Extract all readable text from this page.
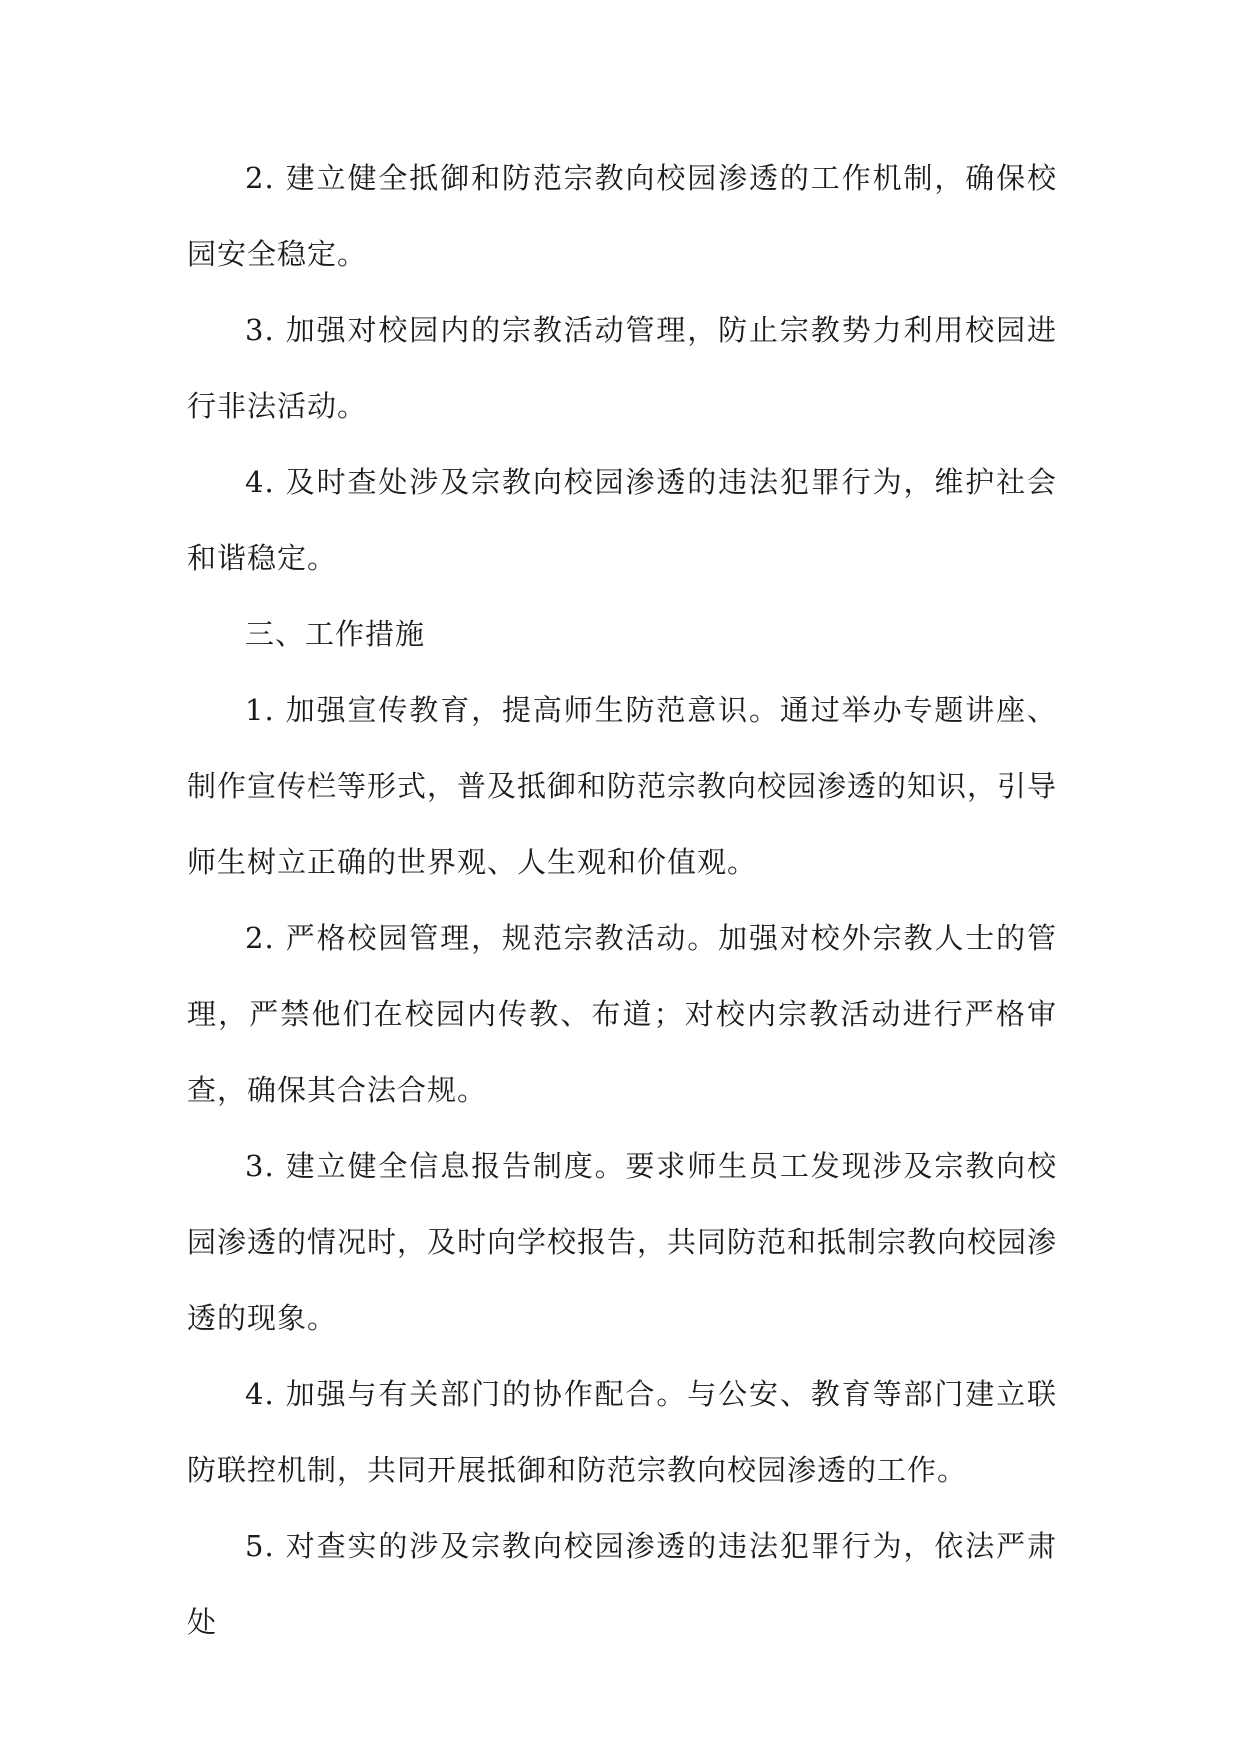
2. 建立健全抵御和防范宗教向校园渗透的工作机制，确保校园安全稳定。

3. 加强对校园内的宗教活动管理，防止宗教势力利用校园进行非法活动。

4. 及时查处涉及宗教向校园渗透的违法犯罪行为，维护社会和谐稳定。

三、工作措施

1. 加强宣传教育，提高师生防范意识。通过举办专题讲座、制作宣传栏等形式，普及抵御和防范宗教向校园渗透的知识，引导师生树立正确的世界观、人生观和价值观。

2. 严格校园管理，规范宗教活动。加强对校外宗教人士的管理，严禁他们在校园内传教、布道；对校内宗教活动进行严格审查，确保其合法合规。

3. 建立健全信息报告制度。要求师生员工发现涉及宗教向校园渗透的情况时，及时向学校报告，共同防范和抵制宗教向校园渗透的现象。

4. 加强与有关部门的协作配合。与公安、教育等部门建立联防联控机制，共同开展抵御和防范宗教向校园渗透的工作。

5. 对查实的涉及宗教向校园渗透的违法犯罪行为，依法严肃处
